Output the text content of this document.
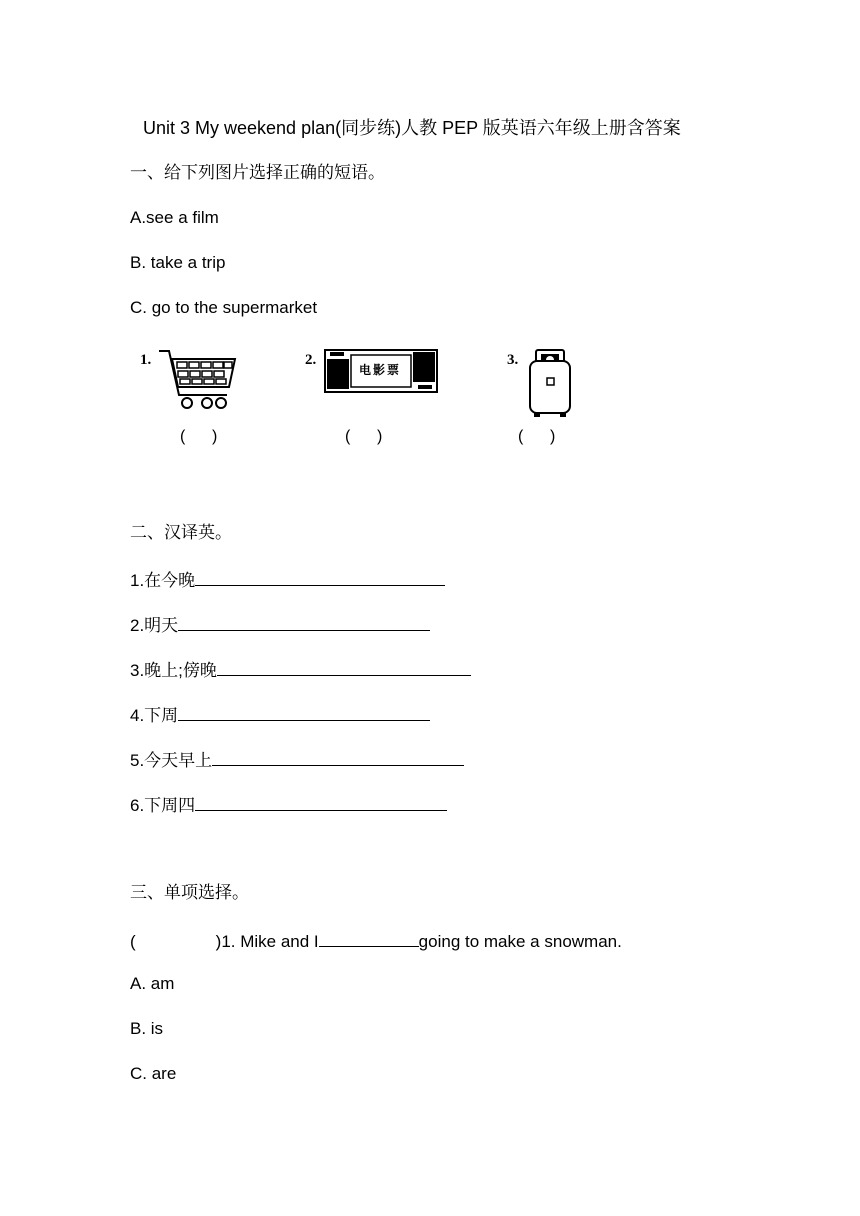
Unit 3 My weekend plan(同步练)人教 PEP 版英语六年级上册含答案
一、给下列图片选择正确的短语。
A.see a film
B. take a trip
C. go to the supermarket
1.	2.
电影票
3.
(      )	(      )	(      )
二、汉译英。
1.在今晚
2.明天
3.晚上;傍晚
4.下周
5.今天早上
6.下周四
三、单项选择。
(	)1. Mike and I	going to make a snowman.
A. am
B. is
C. are
